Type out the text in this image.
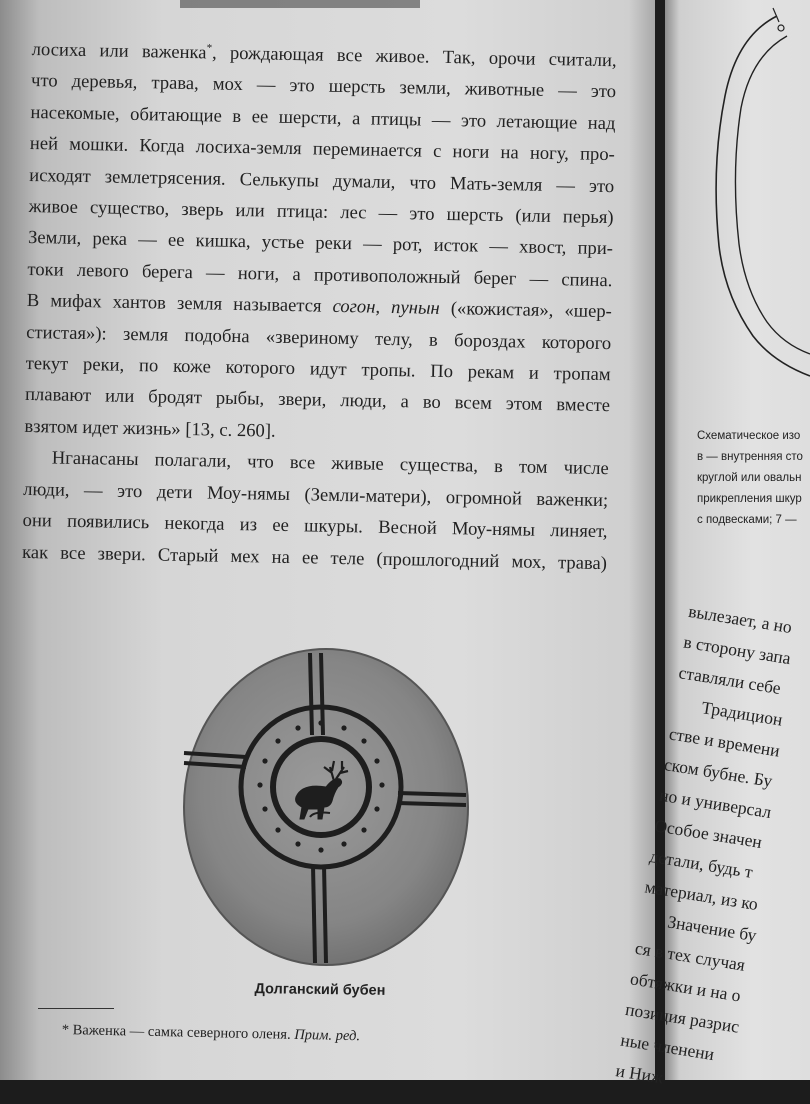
лосиха или важенка*, рождающая все живое. Так, орочи считали,
что деревья, трава, мох — это шерсть земли, животные — это
насекомые, обитающие в ее шерсти, а птицы — это летающие над
ней мошки. Когда лосиха-земля переминается с ноги на ногу, про-
исходят землетрясения. Селькупы думали, что Мать-земля — это
живое существо, зверь или птица: лес — это шерсть (или перья)
Земли, река — ее кишка, устье реки — рот, исток — хвост, при-
токи левого берега — ноги, а противоположный берег — спина.
В мифах хантов земля называется согон, пунын («кожистая», «шер-
стистая»): земля подобна «звериному телу, в бороздах которого
текут реки, по коже которого идут тропы. По рекам и тропам
плавают или бродят рыбы, звери, люди, а во всем этом вместе
взятом идет жизнь» [13, с. 260].
Нганасаны полагали, что все живые существа, в том числе
люди, — это дети Моу-нямы (Земли-матери), огромной важенки;
они появились некогда из ее шкуры. Весной Моу-нямы линяет,
как все звери. Старый мех на ее теле (прошлогодний мох, трава)
Долганский бубен
* Важенка — самка северного оленя. Прим. ред.
Схематическое изо
в — внутренняя сто
круглой или овальн
прикрепления шкур
с подвесками; 7 —
вылезает, а но
в сторону запа
ставляли себе
Традицион
стве и времени
ском бубне. Бу
но и универсал
Особое значен
детали, будь т
материал, из ко
Значение бу
ся в тех случая
обтяжки и на о
позиция разрис
ные членени
и Ниж
